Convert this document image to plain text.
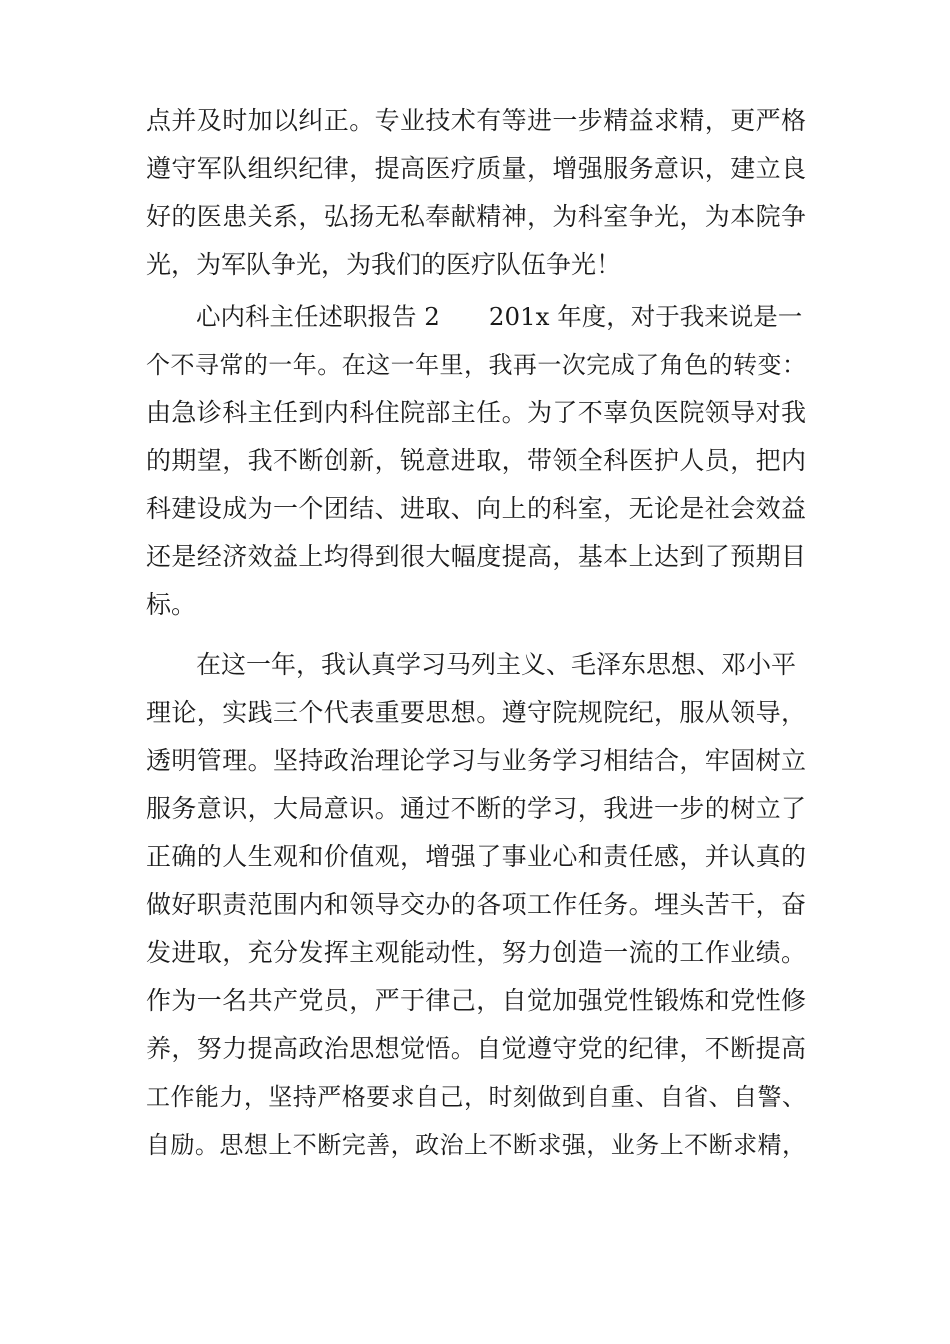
点并及时加以纠正。专业技术有等进一步精益求精，更严格
遵守军队组织纪律，提高医疗质量，增强服务意识，建立良
好的医患关系，弘扬无私奉献精神，为科室争光，为本院争
光，为军队争光，为我们的医疗队伍争光！
心内科主任述职报告 2　　201x 年度，对于我来说是一
个不寻常的一年。在这一年里，我再一次完成了角色的转变：
由急诊科主任到内科住院部主任。为了不辜负医院领导对我
的期望，我不断创新，锐意进取，带领全科医护人员，把内
科建设成为一个团结、进取、向上的科室，无论是社会效益
还是经济效益上均得到很大幅度提高，基本上达到了预期目
标。
在这一年，我认真学习马列主义、毛泽东思想、邓小平
理论，实践三个代表重要思想。遵守院规院纪，服从领导，
透明管理。坚持政治理论学习与业务学习相结合，牢固树立
服务意识，大局意识。通过不断的学习，我进一步的树立了
正确的人生观和价值观，增强了事业心和责任感，并认真的
做好职责范围内和领导交办的各项工作任务。埋头苦干，奋
发进取，充分发挥主观能动性，努力创造一流的工作业绩。
作为一名共产党员，严于律己，自觉加强党性锻炼和党性修
养，努力提高政治思想觉悟。自觉遵守党的纪律，不断提高
工作能力，坚持严格要求自己，时刻做到自重、自省、自警、
自励。思想上不断完善，政治上不断求强，业务上不断求精，
